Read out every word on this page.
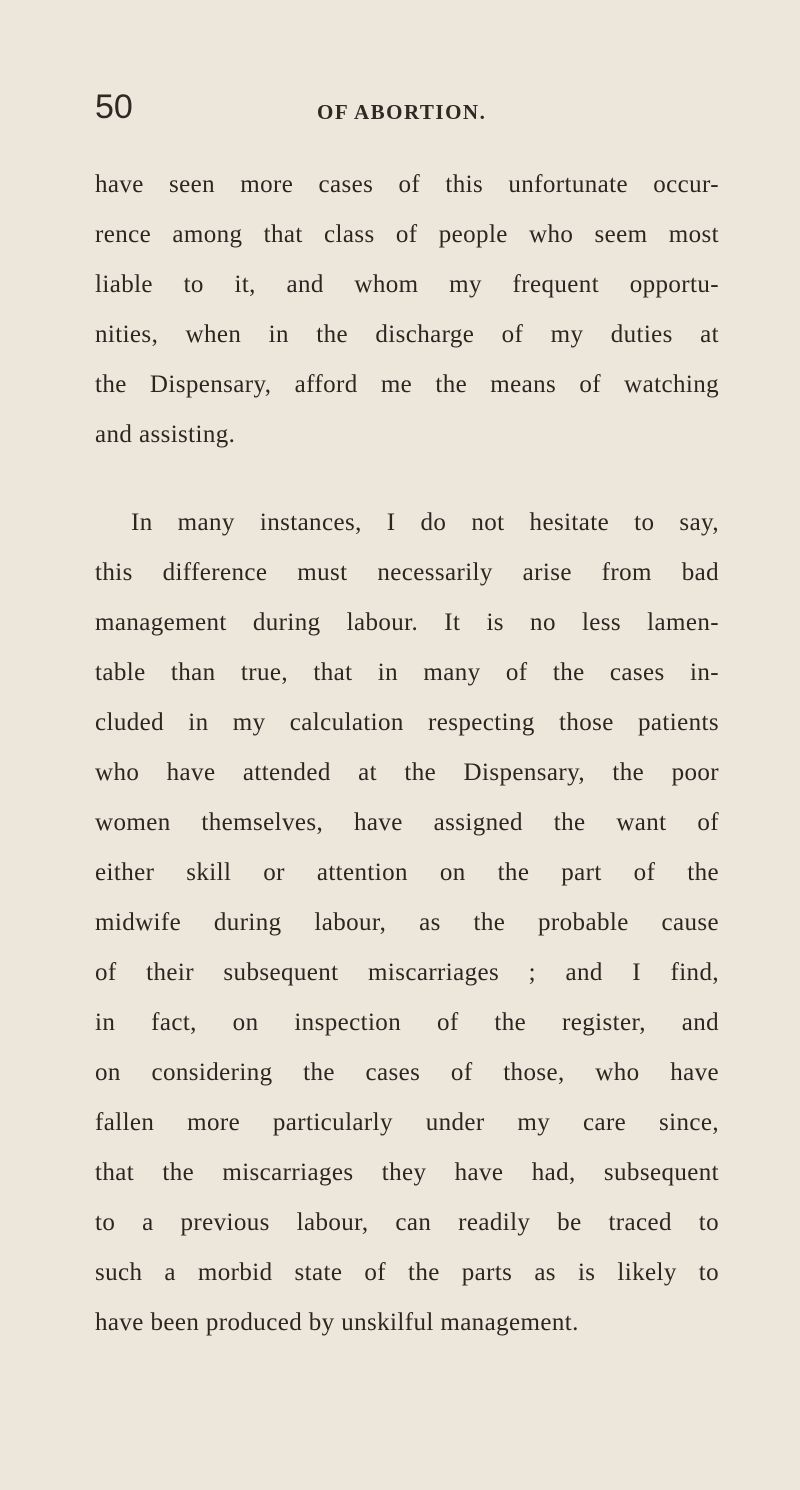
50	OF ABORTION.
have seen more cases of this unfortunate occur-
rence among that class of people who seem most
liable to it, and whom my frequent opportu-
nities, when in the discharge of my duties at
the Dispensary, afford me the means of watching
and assisting.
In many instances, I do not hesitate to say,
this difference must necessarily arise from bad
management during labour. It is no less lamen-
table than true, that in many of the cases in-
cluded in my calculation respecting those patients
who have attended at the Dispensary, the poor
women themselves, have assigned the want of
either skill or attention on the part of the
midwife during labour, as the probable cause
of their subsequent miscarriages ; and I find,
in fact, on inspection of the register, and
on considering the cases of those, who have
fallen more particularly under my care since,
that the miscarriages they have had, subsequent
to a previous labour, can readily be traced to
such a morbid state of the parts as is likely to
have been produced by unskilful management.
